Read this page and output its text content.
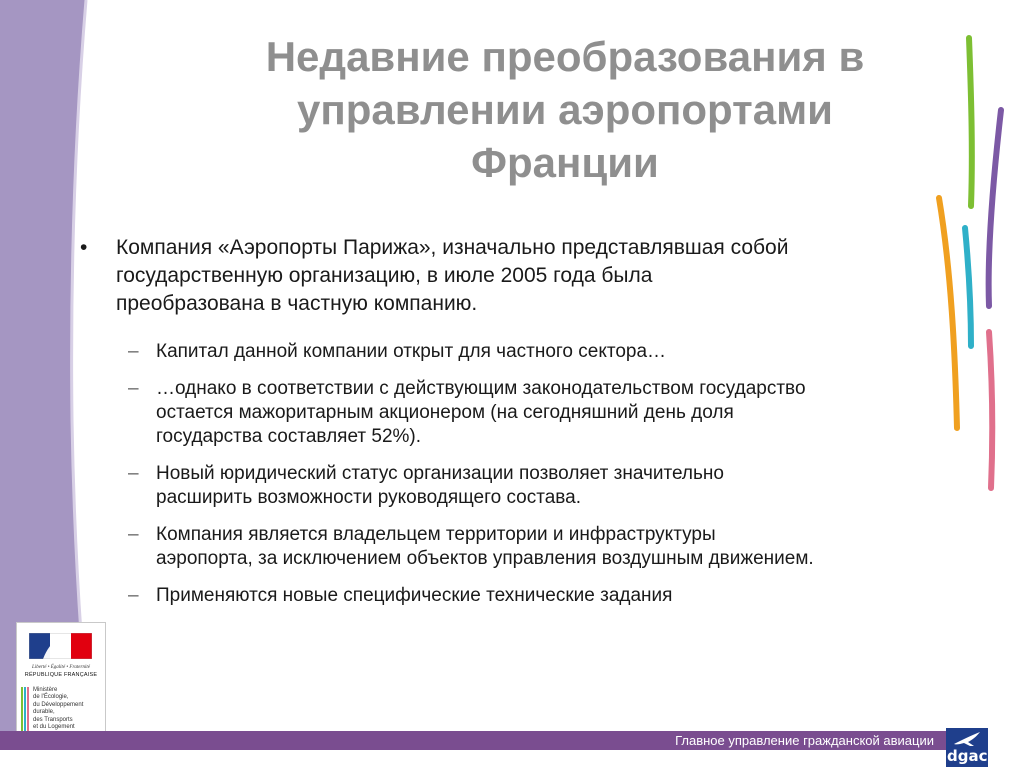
Недавние преобразования в
управлении аэропортами
Франции
• Компания «Аэропорты Парижа», изначально представлявшая собой
государственную организацию, в июле 2005 года была
преобразована в частную компанию.
– Капитал данной компании открыт для частного сектора…
– …однако в соответствии с действующим законодательством государство
остается мажоритарным акционером (на сегодняшний день доля
государства составляет 52%).
– Новый юридический статус организации позволяет значительно
расширить возможности руководящего состава.
– Компания является владельцем территории и инфраструктуры
аэропорта, за исключением объектов управления воздушным движением.
– Применяются новые специфические технические задания
Liberté • Égalité • Fraternité
RÉPUBLIQUE FRANÇAISE
Ministère
de l'Écologie,
du Développement
durable,
des Transports
et du Logement
Главное управление гражданской авиации
dgac
